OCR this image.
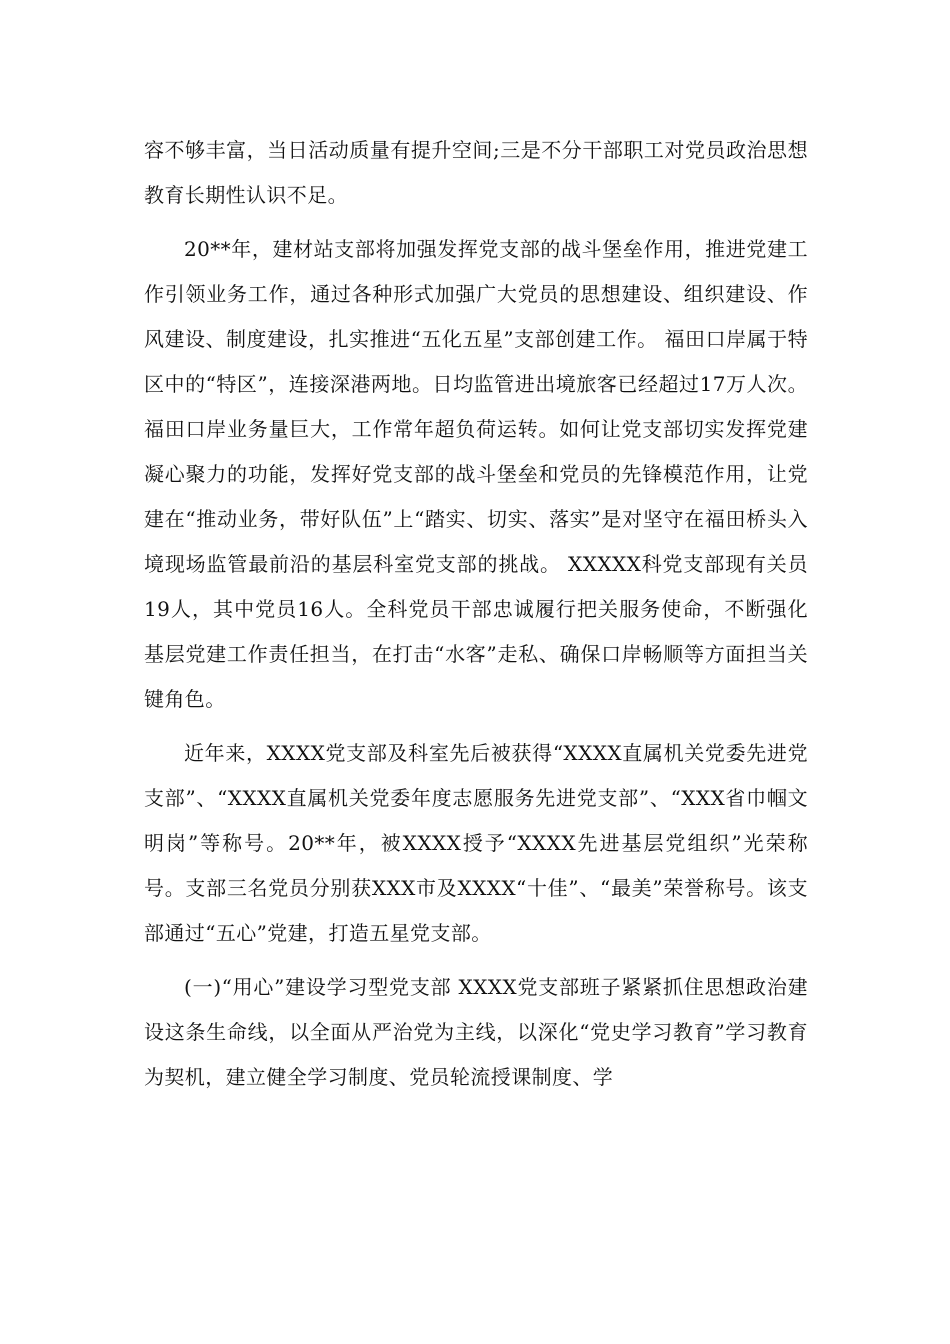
容不够丰富，当日活动质量有提升空间;三是不分干部职工对党员政治思想教育长期性认识不足。

20**年，建材站支部将加强发挥党支部的战斗堡垒作用，推进党建工作引领业务工作，通过各种形式加强广大党员的思想建设、组织建设、作风建设、制度建设，扎实推进“五化五星”支部创建工作。 福田口岸属于特区中的“特区”，连接深港两地。日均监管进出境旅客已经超过17万人次。福田口岸业务量巨大，工作常年超负荷运转。如何让党支部切实发挥党建凝心聚力的功能，发挥好党支部的战斗堡垒和党员的先锋模范作用，让党建在“推动业务，带好队伍”上“踏实、切实、落实”是对坚守在福田桥头入境现场监管最前沿的基层科室党支部的挑战。 XXXXX科党支部现有关员19人，其中党员16人。全科党员干部忠诚履行把关服务使命，不断强化基层党建工作责任担当，在打击“水客”走私、确保口岸畅顺等方面担当关键角色。

近年来，XXXX党支部及科室先后被获得“XXXX直属机关党委先进党支部”、“XXXX直属机关党委年度志愿服务先进党支部”、“XXX省巾帼文明岗”等称号。20**年，被XXXX授予“XXXX先进基层党组织”光荣称号。支部三名党员分别获XXX市及XXXX“十佳”、“最美”荣誉称号。该支部通过“五心”党建，打造五星党支部。

(一)“用心”建设学习型党支部 XXXX党支部班子紧紧抓住思想政治建设这条生命线，以全面从严治党为主线，以深化“党史学习教育”学习教育为契机，建立健全学习制度、党员轮流授课制度、学
